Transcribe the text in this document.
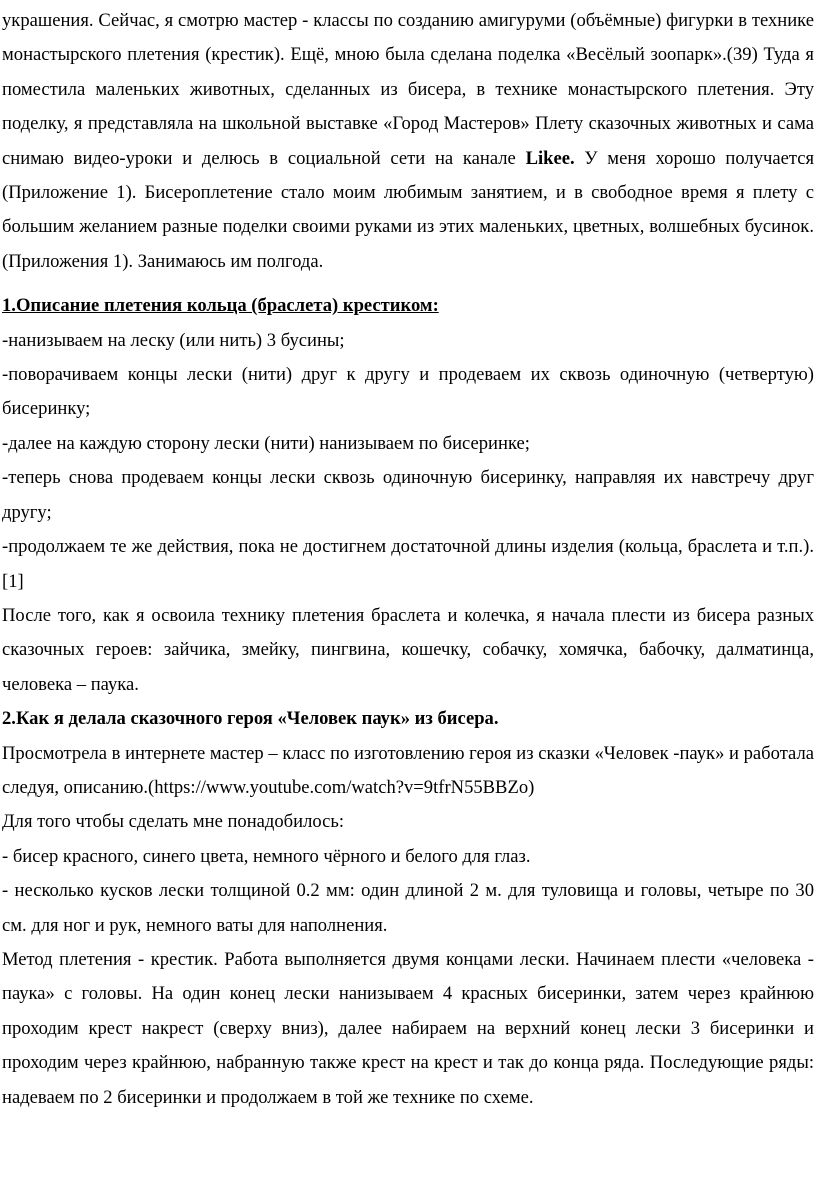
украшения. Сейчас, я смотрю мастер - классы по созданию амигуруми (объёмные) фигурки в технике монастырского плетения (крестик). Ещё, мною была сделана поделка «Весёлый зоопарк».(39) Туда я поместила маленьких животных, сделанных из бисера, в технике монастырского плетения. Эту поделку, я представляла на школьной выставке «Город Мастеров» Плету сказочных животных и сама снимаю видео-уроки и делюсь в социальной сети на канале Likee. У меня хорошо получается (Приложение 1). Бисероплетение стало моим любимым занятием, и в свободное время я плету с большим желанием разные поделки своими руками из этих маленьких, цветных, волшебных бусинок. (Приложения 1). Занимаюсь им полгода.

1.Описание плетения кольца (браслета) крестиком:

-нанизываем на леску (или нить) 3 бусины;

-поворачиваем концы лески (нити) друг к другу и продеваем их сквозь одиночную (четвертую) бисеринку;

-далее на каждую сторону лески (нити) нанизываем по бисеринке;

-теперь снова продеваем концы лески сквозь одиночную бисеринку, направляя их навстречу друг другу;

-продолжаем те же действия, пока не достигнем достаточной длины изделия (кольца, браслета и т.п.). [1]

После того, как я освоила технику плетения браслета и колечка, я начала плести из бисера разных сказочных героев: зайчика, змейку, пингвина, кошечку, собачку, хомячка, бабочку, далматинца, человека – паука.

2.Как я делала сказочного героя «Человек паук» из бисера.

Просмотрела в интернете мастер – класс по изготовлению героя из сказки «Человек -паук» и работала следуя, описанию.(https://www.youtube.com/watch?v=9tfrN55BBZo)

Для того чтобы сделать мне понадобилось:

- бисер красного, синего цвета, немного чёрного и белого для глаз.

- несколько кусков лески толщиной 0.2 мм: один длиной 2 м. для туловища и головы, четыре по 30 см. для ног и рук, немного ваты для наполнения.

Метод плетения - крестик. Работа выполняется двумя концами лески. Начинаем плести «человека - паука» с головы. На один конец лески нанизываем 4 красных бисеринки, затем через крайнюю проходим крест накрест (сверху вниз), далее набираем на верхний конец лески 3 бисеринки и проходим через крайнюю, набранную также крест на крест и так до конца ряда. Последующие ряды: надеваем по 2 бисеринки и продолжаем в той же технике по схеме.
